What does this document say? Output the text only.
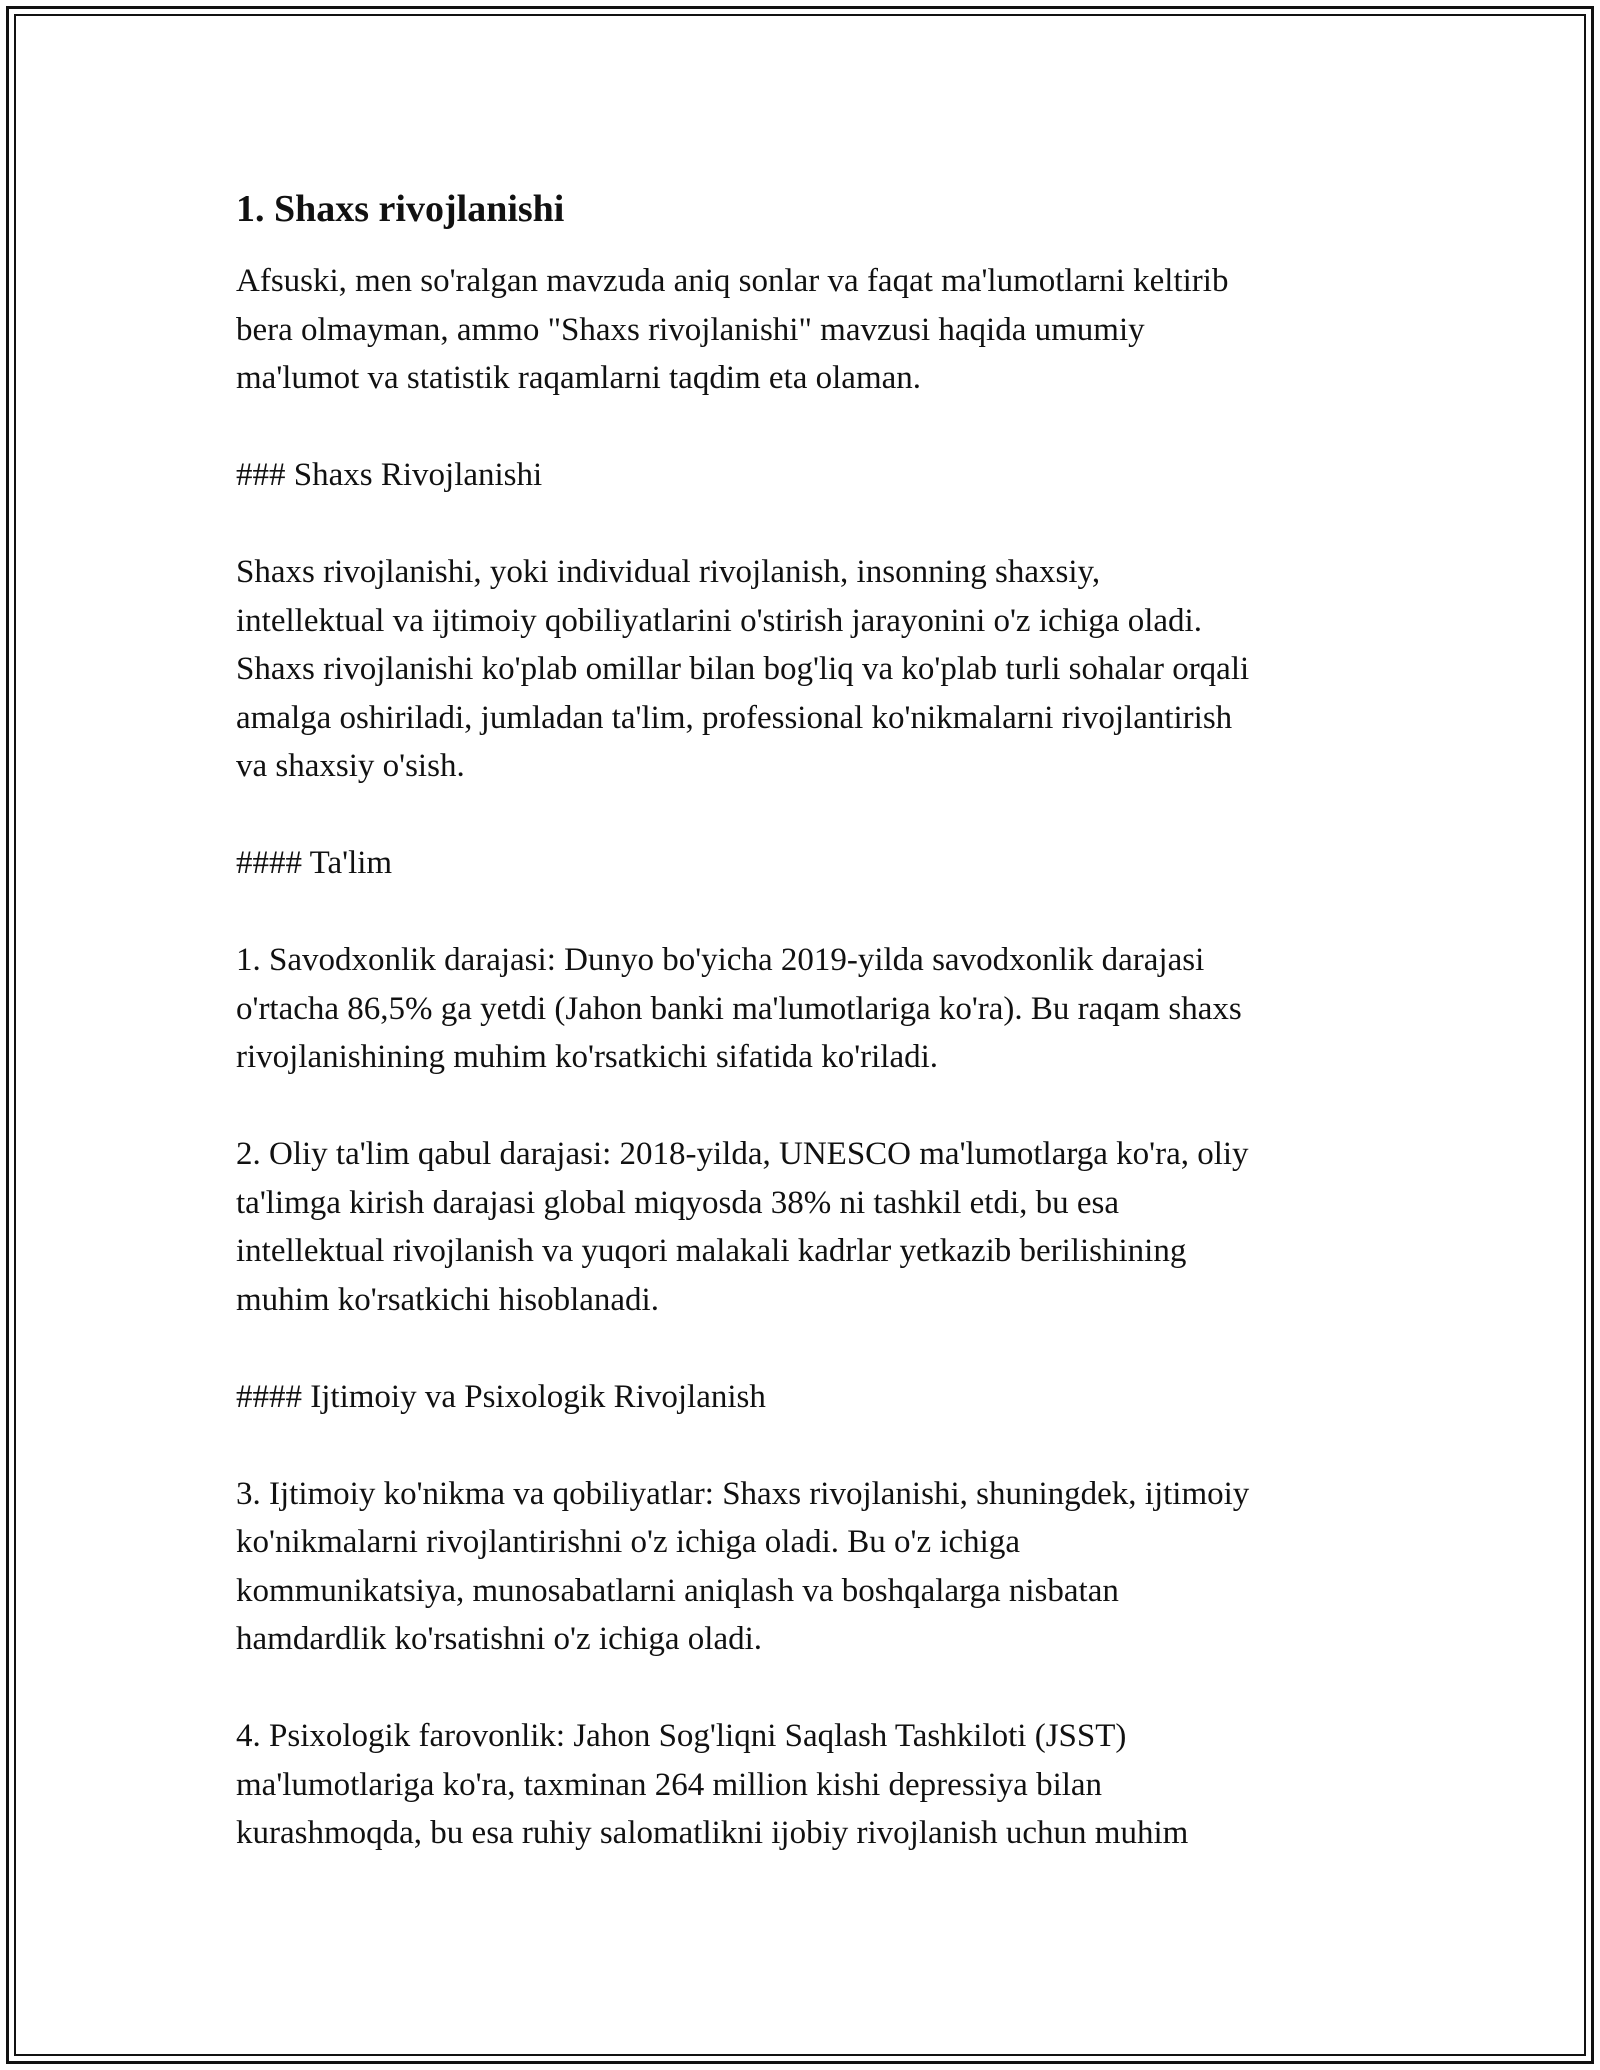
1. Shaxs rivojlanishi

Afsuski, men so'ralgan mavzuda aniq sonlar va faqat ma'lumotlarni keltirib
bera olmayman, ammo "Shaxs rivojlanishi" mavzusi haqida umumiy
ma'lumot va statistik raqamlarni taqdim eta olaman.

### Shaxs Rivojlanishi

Shaxs rivojlanishi, yoki individual rivojlanish, insonning shaxsiy,
intellektual va ijtimoiy qobiliyatlarini o'stirish jarayonini o'z ichiga oladi.
Shaxs rivojlanishi ko'plab omillar bilan bog'liq va ko'plab turli sohalar orqali
amalga oshiriladi, jumladan ta'lim, professional ko'nikmalarni rivojlantirish
va shaxsiy o'sish.

#### Ta'lim

1. Savodxonlik darajasi: Dunyo bo'yicha 2019-yilda savodxonlik darajasi
o'rtacha 86,5% ga yetdi (Jahon banki ma'lumotlariga ko'ra). Bu raqam shaxs
rivojlanishining muhim ko'rsatkichi sifatida ko'riladi.

2. Oliy ta'lim qabul darajasi: 2018-yilda, UNESCO ma'lumotlarga ko'ra, oliy
ta'limga kirish darajasi global miqyosda 38% ni tashkil etdi, bu esa
intellektual rivojlanish va yuqori malakali kadrlar yetkazib berilishining
muhim ko'rsatkichi hisoblanadi.

#### Ijtimoiy va Psixologik Rivojlanish

3. Ijtimoiy ko'nikma va qobiliyatlar: Shaxs rivojlanishi, shuningdek, ijtimoiy
ko'nikmalarni rivojlantirishni o'z ichiga oladi. Bu o'z ichiga
kommunikatsiya, munosabatlarni aniqlash va boshqalarga nisbatan
hamdardlik ko'rsatishni o'z ichiga oladi.

4. Psixologik farovonlik: Jahon Sog'liqni Saqlash Tashkiloti (JSST)
ma'lumotlariga ko'ra, taxminan 264 million kishi depressiya bilan
kurashmoqda, bu esa ruhiy salomatlikni ijobiy rivojlanish uchun muhim
